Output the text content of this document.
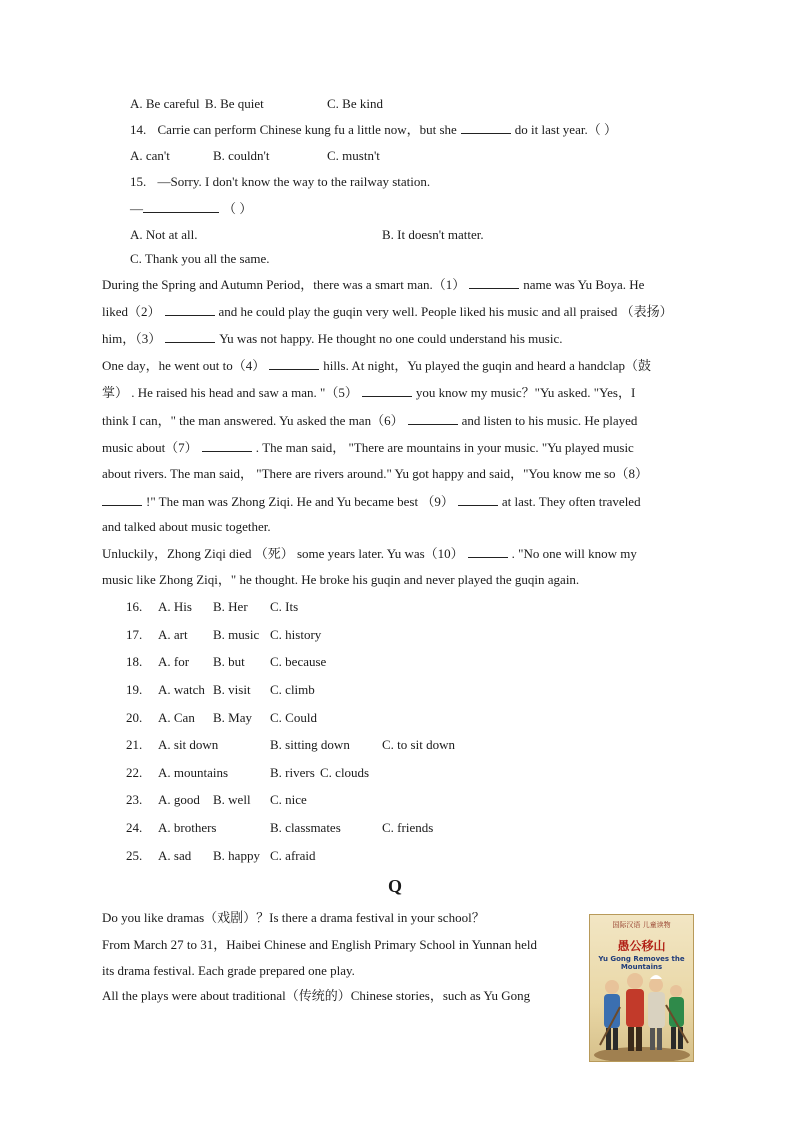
A. Be careful B. Be quiet	C. Be kind
14. Carrie can perform Chinese kung fu a little now，but she	do it last year.（ ）
A. can't	B. couldn't	C. mustn't
15. —Sorry. I don't know the way to the railway station.
—	（ ）
A. Not at all.	B. It doesn't matter.
C. Thank you all the same.
During the Spring and Autumn Period，there was a smart man.（1）	name was Yu Boya. He
liked（2）	and he could play the guqin very well. People liked his music and all praised （表扬）
him，（3）	Yu was not happy. He thought no one could understand his music.
One day，he went out to（4）	hills. At night，Yu played the guqin and heard a handclap（鼓
掌） . He raised his head and saw a man. "（5）	you know my music？"Yu asked. "Yes，I
think I can，" the man answered. Yu asked the man（6）	and listen to his music. He played
music about（7）	. The man said， "There are mountains in your music. "Yu played music
about rivers. The man said， "There are rivers around." Yu got happy and said，"You know me so（8）
!" The man was Zhong Ziqi. He and Yu became best （9）	at last. They often traveled
and talked about music together.
Unluckily，Zhong Ziqi died （死） some years later. Yu was（10）	. "No one will know my
music like Zhong Ziqi，" he thought. He broke his guqin and never played the guqin again.
16. A. His B. Her C. Its
17. A. art B. music C. history
18. A. for B. but C. because
19. A. watch B. visit C. climb
20. A. Can B. May C. Could
21. A. sit down	B. sitting down C. to sit down
22. A. mountains	B. rivers C. clouds
23. A. good B. well C. nice
24. A. brothers	B. classmates	C. friends
25. A. sad B. happy C. afraid
Q
Do you like dramas（戏剧）？Is there a drama festival in your school？
From March 27 to 31，Haibei Chinese and English Primary School in Yunnan held
its drama festival. Each grade prepared one play.
All the plays were about traditional（传统的）Chinese stories，such as Yu Gong
国际汉语 儿童读物
愚公移山
Yu Gong Removes the Mountains
